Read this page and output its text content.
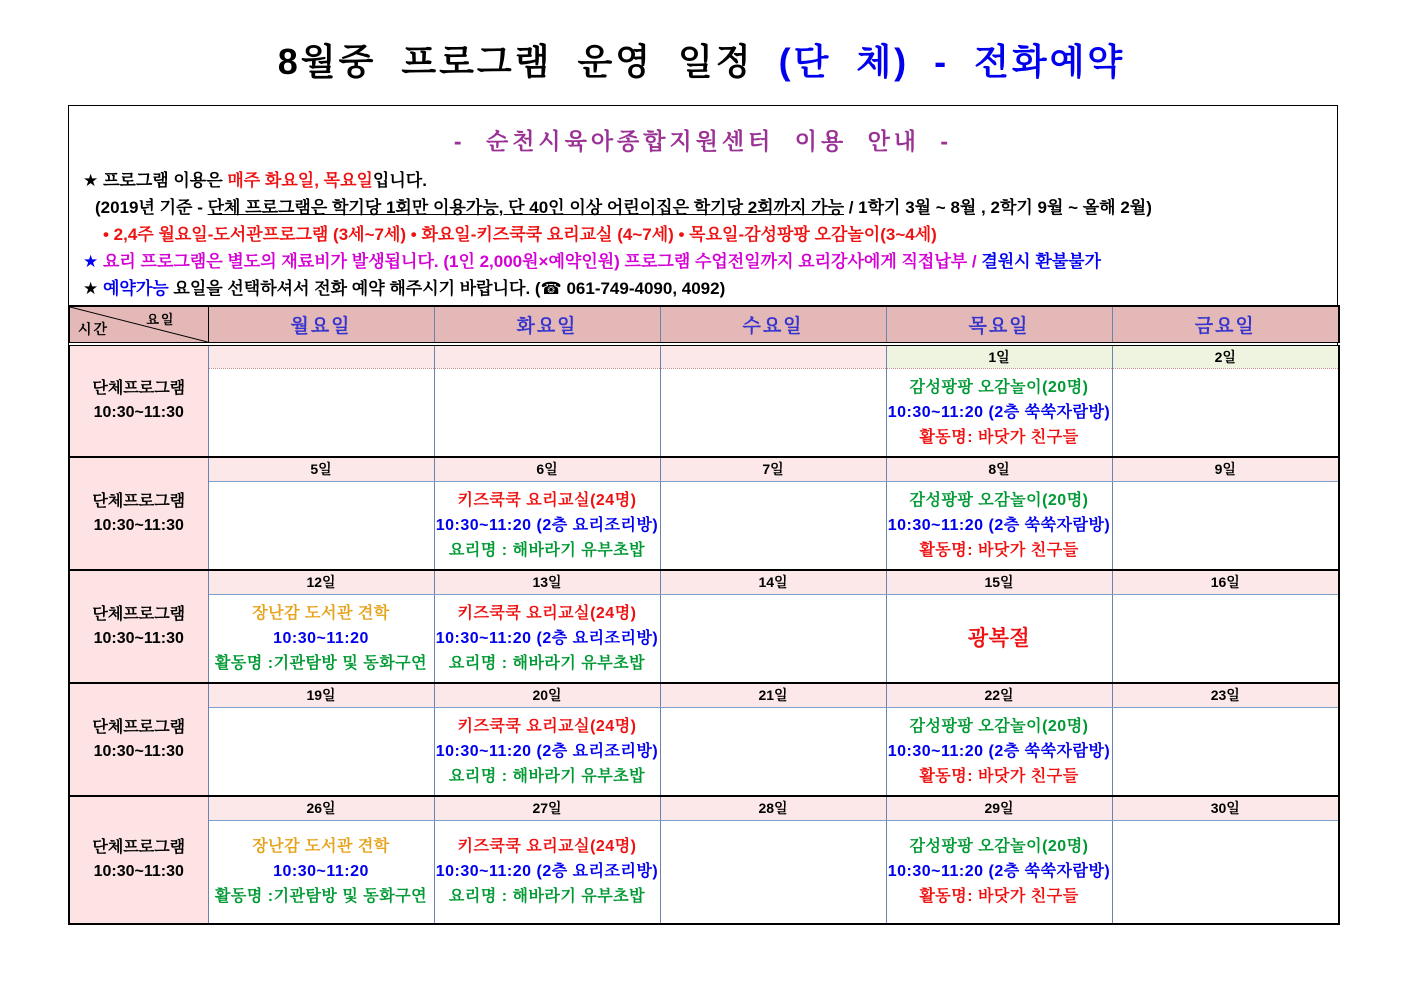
8월중 프로그램 운영 일정 (단 체) - 전화예약
- 순천시육아종합지원센터 이용 안내 -
★ 프로그램 이용은 매주 화요일, 목요일입니다.
(2019년 기준 - 단체 프로그램은 학기당 1회만 이용가능, 단 40인 이상 어린이집은 학기당 2회까지 가능 / 1학기 3월 ~ 8월 , 2학기 9월 ~ 올해 2월)
• 2,4주 월요일-도서관프로그램 (3세~7세) • 화요일-키즈쿡쿡 요리교실 (4~7세) • 목요일-감성팡팡 오감놀이(3~4세)
★ 요리 프로그램은 별도의 재료비가 발생됩니다. (1인 2,000원×예약인원) 프로그램 수업전일까지 요리강사에게 직접납부 / 결원시 환불불가
★ 예약가능 요일을 선택하셔서 전화 예약 해주시기 바랍니다. (☎ 061-749-4090, 4092)
요일
시간	월요일	화요일	수요일	목요일	금요일

단체프로그램
10:30~11:30				1일	2일

				감성팡팡 오감놀이(20명)
10:30~11:20 (2층 쑥쑥자람방)
활동명: 바닷가 친구들	

단체프로그램
10:30~11:30	5일	6일	7일	8일	9일

		키즈쿡쿡 요리교실(24명)
10:30~11:20 (2층 요리조리방)
요리명 : 해바라기 유부초밥		감성팡팡 오감놀이(20명)
10:30~11:20 (2층 쑥쑥자람방)
활동명: 바닷가 친구들	

단체프로그램
10:30~11:30	12일	13일	14일	15일	16일

	장난감 도서관 견학
10:30~11:20
활동명 :기관탐방 및 동화구연	키즈쿡쿡 요리교실(24명)
10:30~11:20 (2층 요리조리방)
요리명 : 해바라기 유부초밥		광복절	

단체프로그램
10:30~11:30	19일	20일	21일	22일	23일

		키즈쿡쿡 요리교실(24명)
10:30~11:20 (2층 요리조리방)
요리명 : 해바라기 유부초밥		감성팡팡 오감놀이(20명)
10:30~11:20 (2층 쑥쑥자람방)
활동명: 바닷가 친구들	

단체프로그램
10:30~11:30	26일	27일	28일	29일	30일

	장난감 도서관 견학
10:30~11:20
활동명 :기관탐방 및 동화구연	키즈쿡쿡 요리교실(24명)
10:30~11:20 (2층 요리조리방)
요리명 : 해바라기 유부초밥		감성팡팡 오감놀이(20명)
10:30~11:20 (2층 쑥쑥자람방)
활동명: 바닷가 친구들	
